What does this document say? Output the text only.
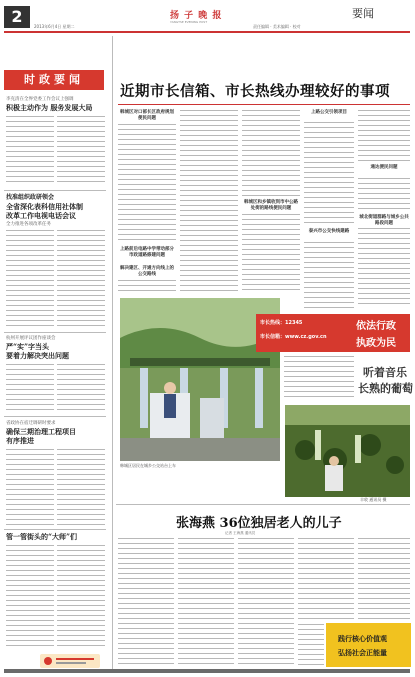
2
2013年6月4日 星期二
扬 子 晚 报
YANGTSE EVENING POST
责任编辑 · 美术编辑 · 校对
要闻
时政要闻
李克清在全界党委工作会议上强调
积极主动作为 服务发展大局
找准组织政研领会
全省深化表科信用社体制
改革工作电视电话会议
全力推进各项改革任务
杭州开展评议团作座谈会
严“实”字当头
要着力解决突出问题
省政协在宿迁调研时要求
确保三期治理工程项目
有序推进
管一管街头的“大师”们
近期市长信箱、市长热线办理较好的事项
韩城区对口部长区政府规划便民问题
上路前后电路中学带动部分市政道路修建问题
解决建区、开通方向线上的公交路线
韩城区和乡镇收到市中公路处街的路线便民问题
上路公交引领项目
泰兴市公交快线建路
通达便民问题
城北街道群路与城乡公共路段问题
韩城区居民在城乡公交站台上车
市长热线：12345
市长信箱：www.cz.gov.cn
依法行政
执政为民
听着音乐
长熟的葡萄
丰收 通讯员 摄
张海燕 36位独居老人的儿子
记者 王海燕 通讯员
践行核心价值观
弘扬社会正能量
